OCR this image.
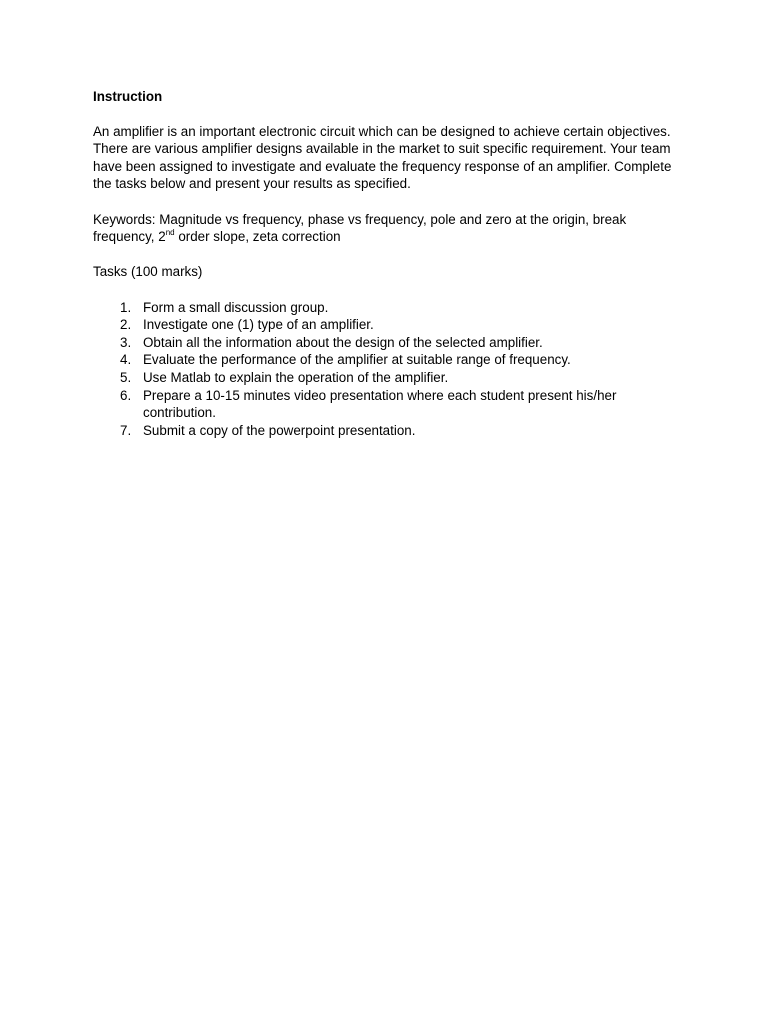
Instruction

An amplifier is an important electronic circuit which can be designed to achieve certain objectives. There are various amplifier designs available in the market to suit specific requirement. Your team have been assigned to investigate and evaluate the frequency response of an amplifier. Complete the tasks below and present your results as specified.

Keywords: Magnitude vs frequency, phase vs frequency, pole and zero at the origin, break frequency, 2nd order slope, zeta correction

Tasks (100 marks)

1. Form a small discussion group.
2. Investigate one (1) type of an amplifier.
3. Obtain all the information about the design of the selected amplifier.
4. Evaluate the performance of the amplifier at suitable range of frequency.
5. Use Matlab to explain the operation of the amplifier.
6. Prepare a 10-15 minutes video presentation where each student present his/her contribution.
7. Submit a copy of the powerpoint presentation.
